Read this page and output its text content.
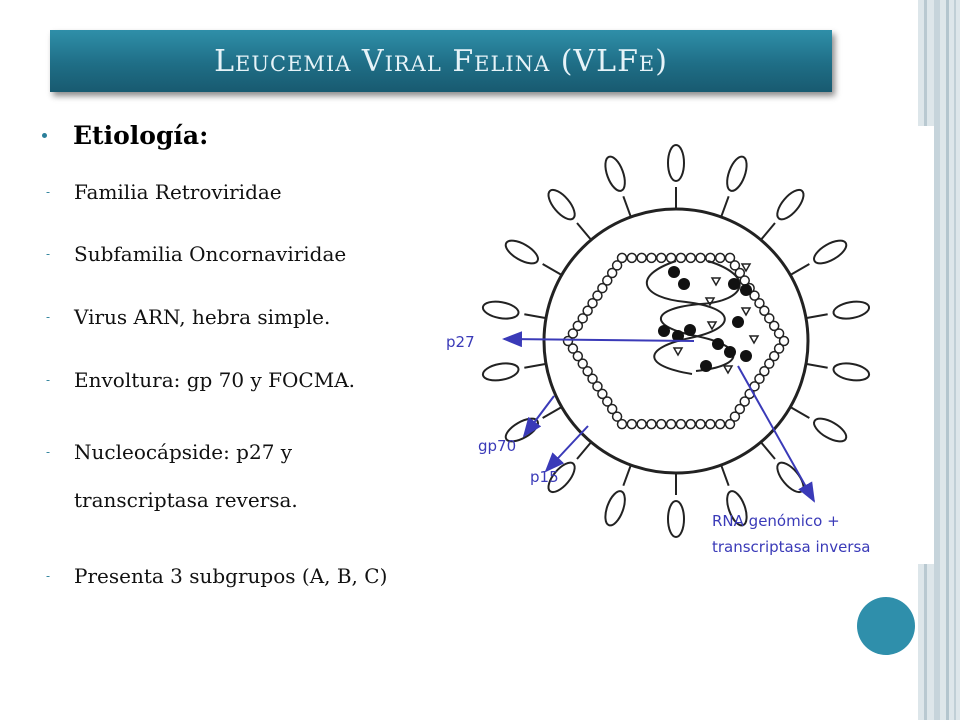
Leucemia Viral Felina (VLFe)
Etiología:
-	Familia Retroviridae
-	Subfamilia Oncornaviridae
-	Virus ARN, hebra simple.
-	Envoltura: gp 70 y FOCMA.
-	Nucleocápside: p27 y transcriptasa reversa.
-	Presenta 3 subgrupos (A, B, C)
p27
gp70
p15
RNA genómico +
transcriptasa inversa
